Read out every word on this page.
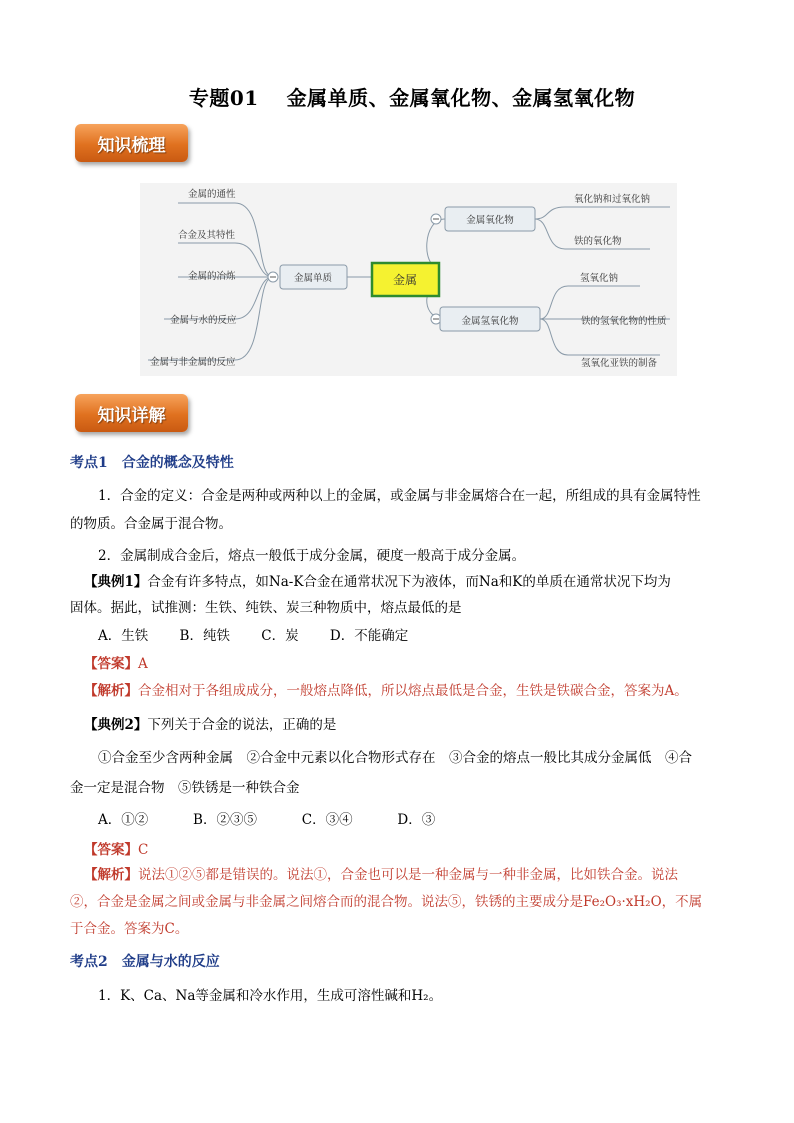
专题01　 金属单质、金属氧化物、金属氢氧化物
知识梳理
金属单质	金属
金属氧化物
金属氢氧化物
金属的通性
合金及其特性
金属的冶炼
金属与水的反应
金属与非金属的反应
氧化钠和过氧化钠
铁的氧化物
氢氧化钠
铁的氢氧化物的性质
氢氧化亚铁的制备
知识详解
考点1　合金的概念及特性
1．合金的定义：合金是两种或两种以上的金属，或金属与非金属熔合在一起，所组成的具有金属特性
的物质。合金属于混合物。
2．金属制成合金后，熔点一般低于成分金属，硬度一般高于成分金属。
【典例1】合金有许多特点，如Na-K合金在通常状况下为液体，而Na和K的单质在通常状况下均为
固体。据此，试推测：生铁、纯铁、炭三种物质中，熔点最低的是
A．生铁　　 B．纯铁　　 C．炭　　 D．不能确定
【答案】A
【解析】合金相对于各组成成分，一般熔点降低，所以熔点最低是合金，生铁是铁碳合金，答案为A。
【典例2】下列关于合金的说法，正确的是
①合金至少含两种金属　②合金中元素以化合物形式存在　③合金的熔点一般比其成分金属低　④合
金一定是混合物　⑤铁锈是一种铁合金
A．①②　　　 B．②③⑤　　　 C．③④　　　 D．③
【答案】C
【解析】说法①②⑤都是错误的。说法①，合金也可以是一种金属与一种非金属，比如铁合金。说法
②，合金是金属之间或金属与非金属之间熔合而的混合物。说法⑤，铁锈的主要成分是Fe₂O₃·xH₂O，不属
于合金。答案为C。
考点2　金属与水的反应
1．K、Ca、Na等金属和冷水作用，生成可溶性碱和H₂。
